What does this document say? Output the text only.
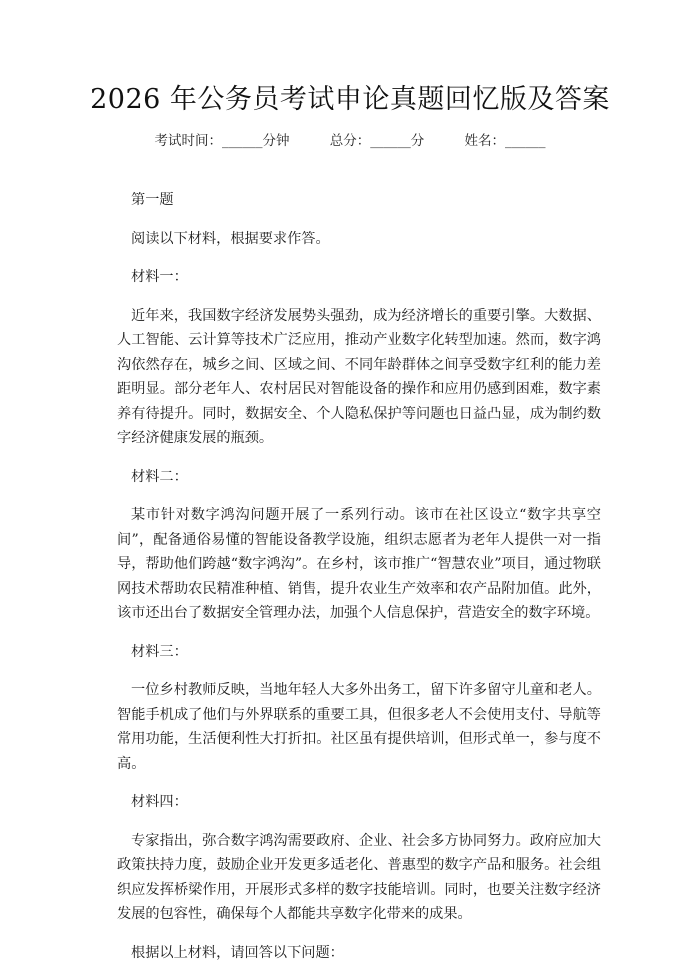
2026 年公务员考试申论真题回忆版及答案
考试时间：______分钟	总分：______分	姓名：______

第一题

阅读以下材料，根据要求作答。

材料一：

近年来，我国数字经济发展势头强劲，成为经济增长的重要引擎。大数据、人工智能、云计算等技术广泛应用，推动产业数字化转型加速。然而，数字鸿沟依然存在，城乡之间、区域之间、不同年龄群体之间享受数字红利的能力差距明显。部分老年人、农村居民对智能设备的操作和应用仍感到困难，数字素养有待提升。同时，数据安全、个人隐私保护等问题也日益凸显，成为制约数字经济健康发展的瓶颈。

材料二：

某市针对数字鸿沟问题开展了一系列行动。该市在社区设立“数字共享空间”，配备通俗易懂的智能设备教学设施，组织志愿者为老年人提供一对一指导，帮助他们跨越“数字鸿沟”。在乡村，该市推广“智慧农业”项目，通过物联网技术帮助农民精准种植、销售，提升农业生产效率和农产品附加值。此外，该市还出台了数据安全管理办法，加强个人信息保护，营造安全的数字环境。

材料三：

一位乡村教师反映，当地年轻人大多外出务工，留下许多留守儿童和老人。智能手机成了他们与外界联系的重要工具，但很多老人不会使用支付、导航等常用功能，生活便利性大打折扣。社区虽有提供培训，但形式单一，参与度不高。

材料四：

专家指出，弥合数字鸿沟需要政府、企业、社会多方协同努力。政府应加大政策扶持力度，鼓励企业开发更多适老化、普惠型的数字产品和服务。社会组织应发挥桥梁作用，开展形式多样的数字技能培训。同时，也要关注数字经济发展的包容性，确保每个人都能共享数字化带来的成果。

根据以上材料，请回答以下问题：
